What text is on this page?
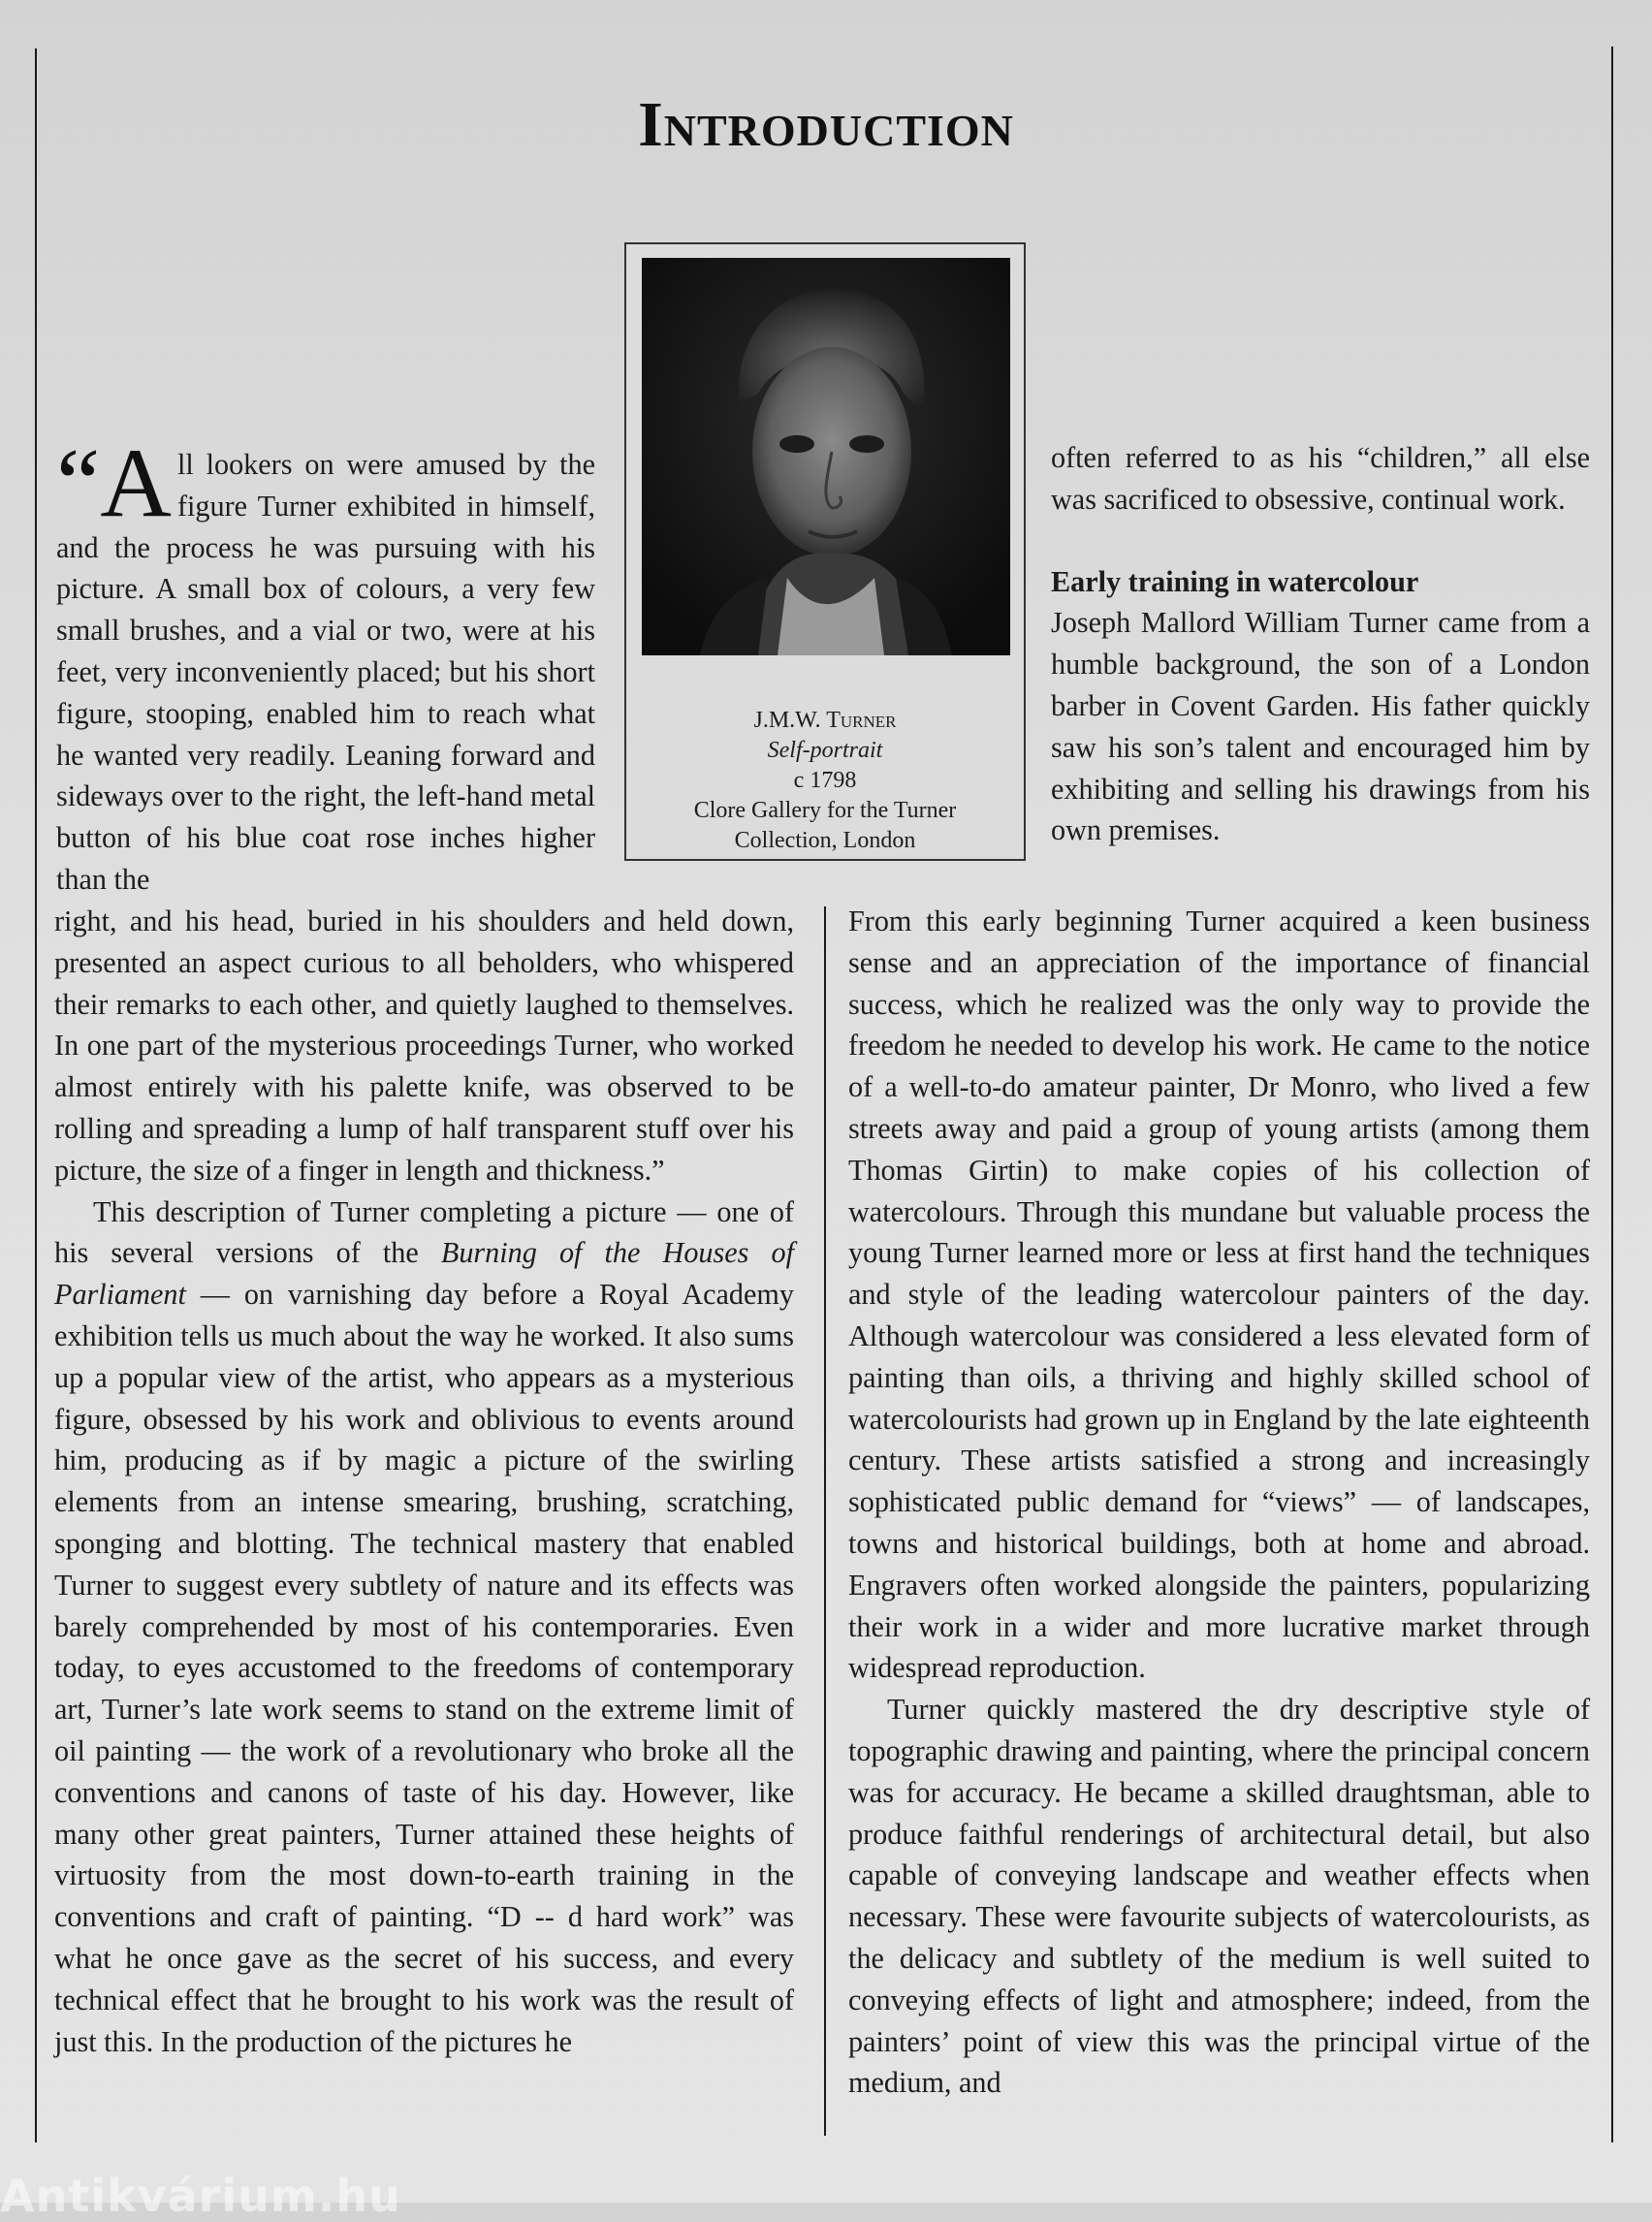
Introduction
J.M.W. Turner
Self-portrait
c 1798
Clore Gallery for the Turner
Collection, London

“All lookers on were amused by the figure Turner exhibited in himself, and the process he was pursuing with his picture. A small box of colours, a very few small brushes, and a vial or two, were at his feet, very inconveniently placed; but his short figure, stooping, enabled him to reach what he wanted very readily. Leaning forward and sideways over to the right, the left-hand metal button of his blue coat rose inches higher than the

right, and his head, buried in his shoulders and held down, presented an aspect curious to all beholders, who whispered their remarks to each other, and quietly laughed to themselves. In one part of the mysterious proceedings Turner, who worked almost entirely with his palette knife, was observed to be rolling and spreading a lump of half transparent stuff over his picture, the size of a finger in length and thickness.”

This description of Turner completing a picture — one of his several versions of the Burning of the Houses of Parliament — on varnishing day before a Royal Academy exhibition tells us much about the way he worked. It also sums up a popular view of the artist, who appears as a mysterious figure, obsessed by his work and oblivious to events around him, producing as if by magic a picture of the swirling elements from an intense smearing, brushing, scratching, sponging and blotting. The technical mastery that enabled Turner to suggest every subtlety of nature and its effects was barely comprehended by most of his contemporaries. Even today, to eyes accustomed to the freedoms of contemporary art, Turner’s late work seems to stand on the extreme limit of oil painting — the work of a revolutionary who broke all the conventions and canons of taste of his day. However, like many other great painters, Turner attained these heights of virtuosity from the most down-to-earth training in the conventions and craft of painting. “D -- d hard work” was what he once gave as the secret of his success, and every technical effect that he brought to his work was the result of just this. In the production of the pictures he

often referred to as his “children,” all else was sacrificed to obsessive, continual work.

Early training in watercolour

Joseph Mallord William Turner came from a humble background, the son of a London barber in Covent Garden. His father quickly saw his son’s talent and encouraged him by exhibiting and selling his drawings from his own premises.

From this early beginning Turner acquired a keen business sense and an appreciation of the importance of financial success, which he realized was the only way to provide the freedom he needed to develop his work. He came to the notice of a well-to-do amateur painter, Dr Monro, who lived a few streets away and paid a group of young artists (among them Thomas Girtin) to make copies of his collection of watercolours. Through this mundane but valuable process the young Turner learned more or less at first hand the techniques and style of the leading watercolour painters of the day. Although watercolour was considered a less elevated form of painting than oils, a thriving and highly skilled school of watercolourists had grown up in England by the late eighteenth century. These artists satisfied a strong and increasingly sophisticated public demand for “views” — of landscapes, towns and historical buildings, both at home and abroad. Engravers often worked alongside the painters, popularizing their work in a wider and more lucrative market through widespread reproduction.

Turner quickly mastered the dry descriptive style of topographic drawing and painting, where the principal concern was for accuracy. He became a skilled draughtsman, able to produce faithful renderings of architectural detail, but also capable of conveying landscape and weather effects when necessary. These were favourite subjects of watercolourists, as the delicacy and subtlety of the medium is well suited to conveying effects of light and atmosphere; indeed, from the painters’ point of view this was the principal virtue of the medium, and

Antikvárium.hu
